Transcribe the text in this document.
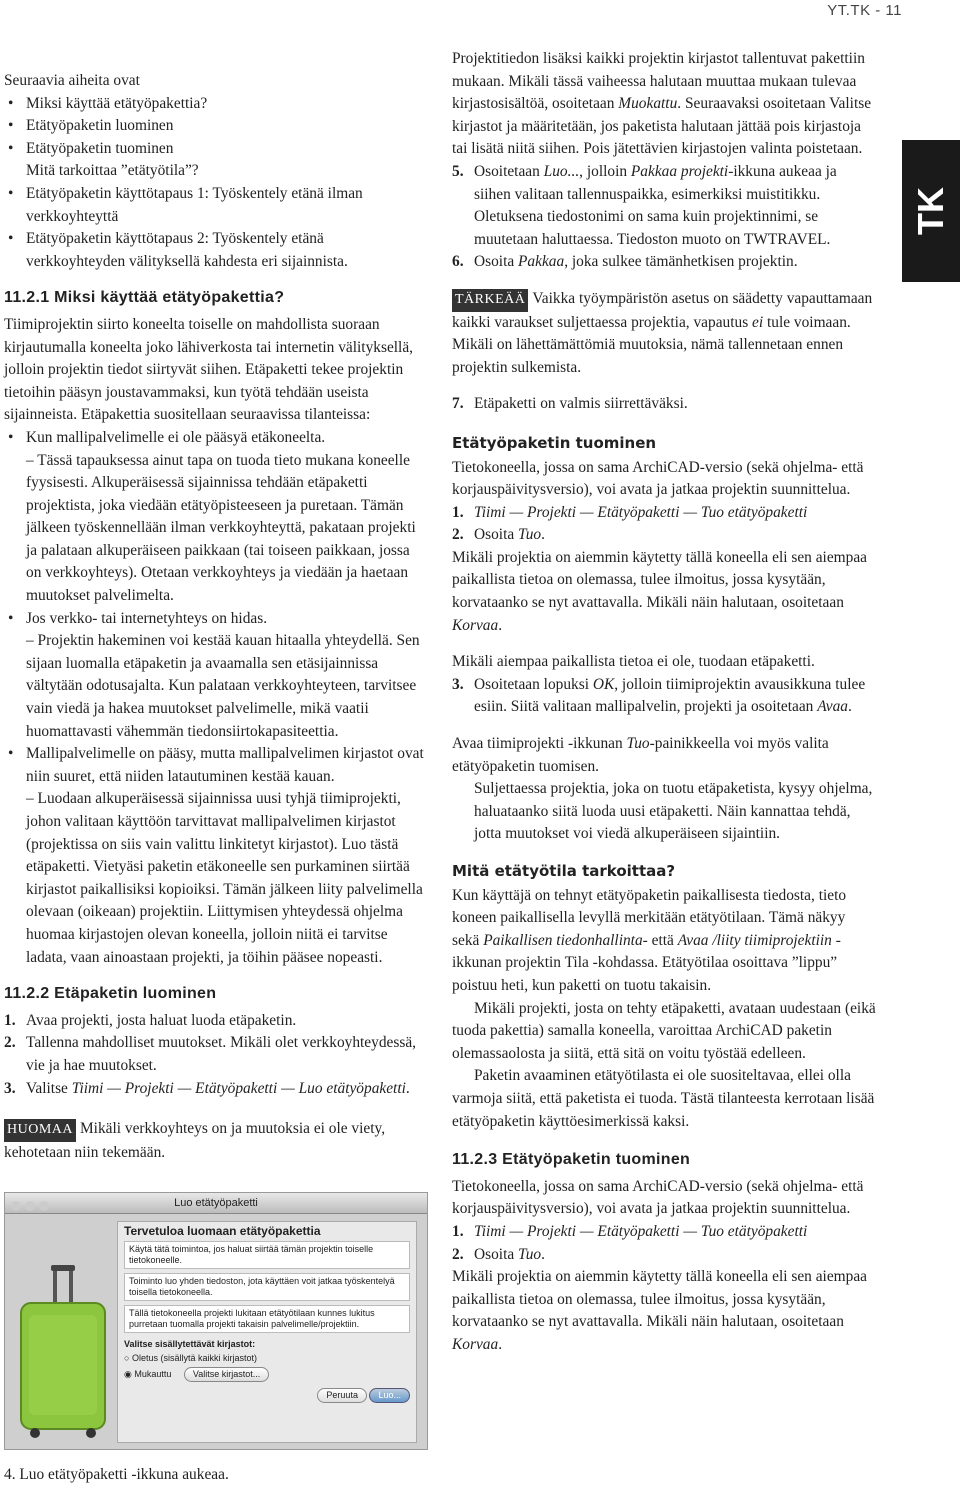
YT.TK - 11
TK

Seuraavia aiheita ovat

• Miksi käyttää etätyöpakettia?
• Etätyöpaketin luominen
• Etätyöpaketin tuominen

Mitä tarkoittaa ”etätyötila”?

• Etätyöpaketin käyttötapaus 1: Työskentely etänä ilman verkkoyhteyttä
• Etätyöpaketin käyttötapaus 2: Työskentely etänä verkkoyhteyden välityksellä kahdesta eri sijainnista.
11.2.1 Miksi käyttää etätyöpakettia?

Tiimiprojektin siirto koneelta toiselle on mahdollista suoraan kirjautumalla koneelta joko lähiverkosta tai internetin välityksellä, jolloin projektin tiedot siirtyvät siihen. Etäpaketti tekee projektin tietoihin pääsyn joustavammaksi, kun työtä tehdään useista sijainneista. Etäpakettia suositellaan seuraavissa tilanteissa:

• Kun mallipalvelimelle ei ole pääsyä etäkoneelta.

– Tässä tapauksessa ainut tapa on tuoda tieto mukana koneelle fyysisesti. Alkuperäisessä sijainnissa tehdään etäpaketti projektista, joka viedään etätyöpisteeseen ja puretaan. Tämän jälkeen työskennellään ilman verkkoyhteyttä, pakataan projekti ja palataan alkuperäiseen paikkaan (tai toiseen paikkaan, jossa on verkkoyhteys). Otetaan verkkoyhteys ja viedään ja haetaan muutokset palvelimelta.

• Jos verkko- tai internetyhteys on hidas.

– Projektin hakeminen voi kestää kauan hitaalla yhteydellä. Sen sijaan luomalla etäpaketin ja avaamalla sen etäsijainnissa vältytään odotusajalta. Kun palataan verkkoyhteyteen, tarvitsee vain viedä ja hakea muutokset palvelimelle, mikä vaatii huomattavasti vähemmän tiedonsiirtokapasiteettia.

• Mallipalvelimelle on pääsy, mutta mallipalvelimen kirjastot ovat niin suuret, että niiden latautuminen kestää kauan.

– Luodaan alkuperäisessä sijainnissa uusi tyhjä tiimiprojekti, johon valitaan käyttöön tarvittavat mallipalvelimen kirjastot (projektissa on siis vain valittu linkitetyt kirjastot). Luo tästä etäpaketti. Vietyäsi paketin etäkoneelle sen purkaminen siirtää kirjastot paikallisiksi kopioiksi. Tämän jälkeen liity palvelimella olevaan (oikeaan) projektiin. Liittymisen yhteydessä ohjelma huomaa kirjastojen olevan koneella, jolloin niitä ei tarvitse ladata, vaan ainoastaan projekti, ja töihin pääsee nopeasti.

11.2.2 Etäpaketin luominen
1. Avaa projekti, josta haluat luoda etäpaketin.
2. Tallenna mahdolliset muutokset. Mikäli olet verkkoyhteydessä, vie ja hae muutokset.
3. Valitse Tiimi — Projekti — Etätyöpaketti — Luo etätyöpaketti.

HUOMAA Mikäli verkkoyhteys on ja muutoksia ei ole viety, kehotetaan niin tekemään.

Luo etätyöpaketti
Tervetuloa luomaan etätyöpakettia
Käytä tätä toimintoa, jos haluat siirtää tämän projektin toiselle tietokoneelle.
Toiminto luo yhden tiedoston, jota käyttäen voit jatkaa työskentelyä toisella tietokoneella.
Tällä tietokoneella projekti lukitaan etätyötilaan kunnes lukitus purretaan tuomalla projekti takaisin palvelimelle/projektiin.
Valitse sisällytettävät kirjastot:
○ Oletus (sisällytä kaikki kirjastot)
◉ Mukauttu Valitse kirjastot...
Peruuta Luo...
4. Luo etätyöpaketti -ikkuna aukeaa.

Projektitiedon lisäksi kaikki projektin kirjastot tallentuvat pakettiin mukaan. Mikäli tässä vaiheessa halutaan muuttaa mukaan tulevaa kirjastosisältöä, osoitetaan Muokattu. Seuraavaksi osoitetaan Valitse kirjastot ja määritetään, jos paketista halutaan jättää pois kirjastoja tai lisätä niitä siihen. Pois jätettävien kirjastojen valinta poistetaan.

5. Osoitetaan Luo..., jolloin Pakkaa projekti-ikkuna aukeaa ja siihen valitaan tallennuspaikka, esimerkiksi muistitikku. Oletuksena tiedostonimi on sama kuin projektinnimi, se muutetaan haluttaessa. Tiedoston muoto on TWTRAVEL.
6. Osoita Pakkaa, joka sulkee tämänhetkisen projektin.

TÄRKEÄÄ Vaikka työympäristön asetus on säädetty vapauttamaan kaikki varaukset suljettaessa projektia, vapautus ei tule voimaan. Mikäli on lähettämättömiä muutoksia, nämä tallennetaan ennen projektin sulkemista.

7. Etäpaketti on valmis siirrettäväksi.
Etätyöpaketin tuominen

Tietokoneella, jossa on sama ArchiCAD-versio (sekä ohjelma- että korjauspäivitysversio), voi avata ja jatkaa projektin suunnittelua.

1. Tiimi — Projekti — Etätyöpaketti — Tuo etätyöpaketti
2. Osoita Tuo.

Mikäli projektia on aiemmin käytetty tällä koneella eli sen aiempaa paikallista tietoa on olemassa, tulee ilmoitus, jossa kysytään, korvataanko se nyt avattavalla. Mikäli näin halutaan, osoitetaan Korvaa.

Mikäli aiempaa paikallista tietoa ei ole, tuodaan etäpaketti.

3. Osoitetaan lopuksi OK, jolloin tiimiprojektin avausikkuna tulee esiin. Siitä valitaan mallipalvelin, projekti ja osoitetaan Avaa.

Avaa tiimiprojekti -ikkunan Tuo-painikkeella voi myös valita etätyöpaketin tuomisen.

Suljettaessa projektia, joka on tuotu etäpaketista, kysyy ohjelma, haluataanko siitä luoda uusi etäpaketti. Näin kannattaa tehdä, jotta muutokset voi viedä alkuperäiseen sijaintiin.

Mitä etätyötila tarkoittaa?

Kun käyttäjä on tehnyt etätyöpaketin paikallisesta tiedosta, tieto koneen paikallisella levyllä merkitään etätyötilaan. Tämä näkyy sekä Paikallisen tiedonhallinta- että Avaa /liity tiimiprojektiin -ikkunan projektin Tila -kohdassa. Etätyötilaa osoittava ”lippu” poistuu heti, kun paketti on tuotu takaisin.

Mikäli projekti, josta on tehty etäpaketti, avataan uudestaan (eikä tuoda pakettia) samalla koneella, varoittaa ArchiCAD paketin olemassaolosta ja siitä, että sitä on voitu työstää edelleen.

Paketin avaaminen etätyötilasta ei ole suositeltavaa, ellei olla varmoja siitä, että paketista ei tuoda. Tästä tilanteesta kerrotaan lisää etätyöpaketin käyttöesimerkissä kaksi.

11.2.3 Etätyöpaketin tuominen

Tietokoneella, jossa on sama ArchiCAD-versio (sekä ohjelma- että korjauspäivitysversio), voi avata ja jatkaa projektin suunnittelua.

1. Tiimi — Projekti — Etätyöpaketti — Tuo etätyöpaketti
2. Osoita Tuo.

Mikäli projektia on aiemmin käytetty tällä koneella eli sen aiempaa paikallista tietoa on olemassa, tulee ilmoitus, jossa kysytään, korvataanko se nyt avattavalla. Mikäli näin halutaan, osoitetaan Korvaa.
